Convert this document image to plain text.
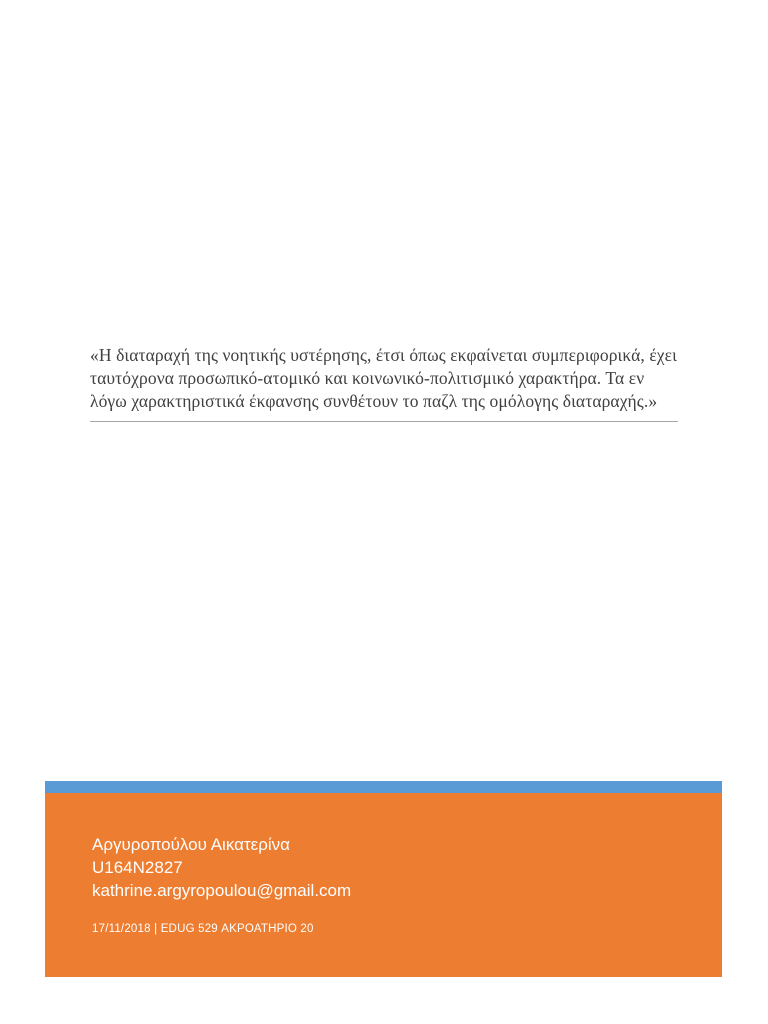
«Η διαταραχή της νοητικής υστέρησης, έτσι όπως εκφαίνεται συμπεριφορικά, έχει ταυτόχρονα προσωπικό-ατομικό και κοινωνικό-πολιτισμικό χαρακτήρα. Τα εν λόγω χαρακτηριστικά έκφανσης συνθέτουν το παζλ της ομόλογης διαταραχής.»

Αργυροπούλου Αικατερίνα

U164N2827

kathrine.argyropoulou@gmail.com

17/11/2018 | EDUG 529 ΑΚΡΟΑΤΗΡΙΟ 20
